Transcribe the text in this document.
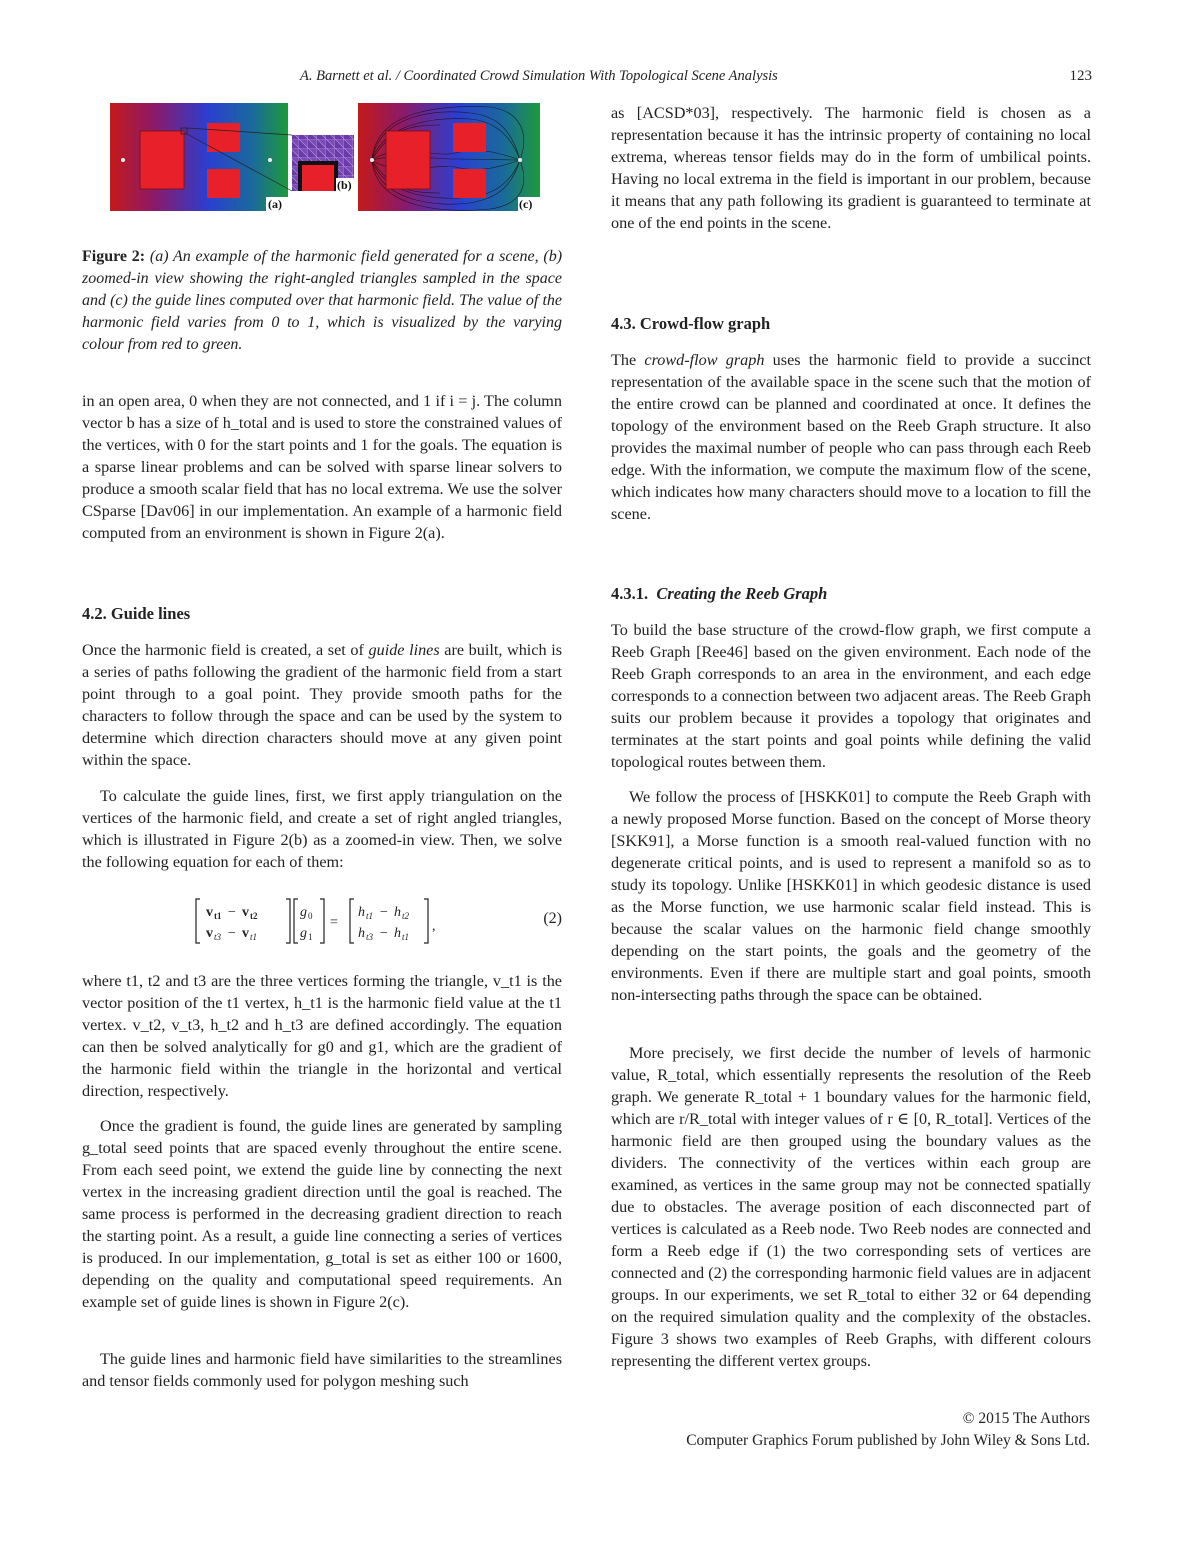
A. Barnett et al. / Coordinated Crowd Simulation With Topological Scene Analysis	123
(a)
(b)
(c)
Figure 2: (a) An example of the harmonic field generated for a scene, (b) zoomed-in view showing the right-angled triangles sampled in the space and (c) the guide lines computed over that harmonic field. The value of the harmonic field varies from 0 to 1, which is visualized by the varying colour from red to green.

in an open area, 0 when they are not connected, and 1 if i = j. The column vector b has a size of h_total and is used to store the constrained values of the vertices, with 0 for the start points and 1 for the goals. The equation is a sparse linear problems and can be solved with sparse linear solvers to produce a smooth scalar field that has no local extrema. We use the solver CSparse [Dav06] in our implementation. An example of a harmonic field computed from an environment is shown in Figure 2(a).

4.2. Guide lines

Once the harmonic field is created, a set of guide lines are built, which is a series of paths following the gradient of the harmonic field from a start point through to a goal point. They provide smooth paths for the characters to follow through the space and can be used by the system to determine which direction characters should move at any given point within the space.

To calculate the guide lines, first, we first apply triangulation on the vertices of the harmonic field, and create a set of right angled triangles, which is illustrated in Figure 2(b) as a zoomed-in view. Then, we solve the following equation for each of them:

v t1 − v t2
v t3 − v t1
g 0
g 1
=
h t1 − h t2
h t3 − h t1
,	(2)

where t1, t2 and t3 are the three vertices forming the triangle, v_t1 is the vector position of the t1 vertex, h_t1 is the harmonic field value at the t1 vertex. v_t2, v_t3, h_t2 and h_t3 are defined accordingly. The equation can then be solved analytically for g0 and g1, which are the gradient of the harmonic field within the triangle in the horizontal and vertical direction, respectively.

Once the gradient is found, the guide lines are generated by sampling g_total seed points that are spaced evenly throughout the entire scene. From each seed point, we extend the guide line by connecting the next vertex in the increasing gradient direction until the goal is reached. The same process is performed in the decreasing gradient direction to reach the starting point. As a result, a guide line connecting a series of vertices is produced. In our implementation, g_total is set as either 100 or 1600, depending on the quality and computational speed requirements. An example set of guide lines is shown in Figure 2(c).

The guide lines and harmonic field have similarities to the streamlines and tensor fields commonly used for polygon meshing such

as [ACSD*03], respectively. The harmonic field is chosen as a representation because it has the intrinsic property of containing no local extrema, whereas tensor fields may do in the form of umbilical points. Having no local extrema in the field is important in our problem, because it means that any path following its gradient is guaranteed to terminate at one of the end points in the scene.

4.3. Crowd-flow graph

The crowd-flow graph uses the harmonic field to provide a succinct representation of the available space in the scene such that the motion of the entire crowd can be planned and coordinated at once. It defines the topology of the environment based on the Reeb Graph structure. It also provides the maximal number of people who can pass through each Reeb edge. With the information, we compute the maximum flow of the scene, which indicates how many characters should move to a location to fill the scene.

4.3.1. Creating the Reeb Graph

To build the base structure of the crowd-flow graph, we first compute a Reeb Graph [Ree46] based on the given environment. Each node of the Reeb Graph corresponds to an area in the environment, and each edge corresponds to a connection between two adjacent areas. The Reeb Graph suits our problem because it provides a topology that originates and terminates at the start points and goal points while defining the valid topological routes between them.

We follow the process of [HSKK01] to compute the Reeb Graph with a newly proposed Morse function. Based on the concept of Morse theory [SKK91], a Morse function is a smooth real-valued function with no degenerate critical points, and is used to represent a manifold so as to study its topology. Unlike [HSKK01] in which geodesic distance is used as the Morse function, we use harmonic scalar field instead. This is because the scalar values on the harmonic field change smoothly depending on the start points, the goals and the geometry of the environments. Even if there are multiple start and goal points, smooth non-intersecting paths through the space can be obtained.

More precisely, we first decide the number of levels of harmonic value, R_total, which essentially represents the resolution of the Reeb graph. We generate R_total + 1 boundary values for the harmonic field, which are r/R_total with integer values of r ∈ [0, R_total]. Vertices of the harmonic field are then grouped using the boundary values as the dividers. The connectivity of the vertices within each group are examined, as vertices in the same group may not be connected spatially due to obstacles. The average position of each disconnected part of vertices is calculated as a Reeb node. Two Reeb nodes are connected and form a Reeb edge if (1) the two corresponding sets of vertices are connected and (2) the corresponding harmonic field values are in adjacent groups. In our experiments, we set R_total to either 32 or 64 depending on the required simulation quality and the complexity of the obstacles. Figure 3 shows two examples of Reeb Graphs, with different colours representing the different vertex groups.

© 2015 The Authors
Computer Graphics Forum published by John Wiley & Sons Ltd.
